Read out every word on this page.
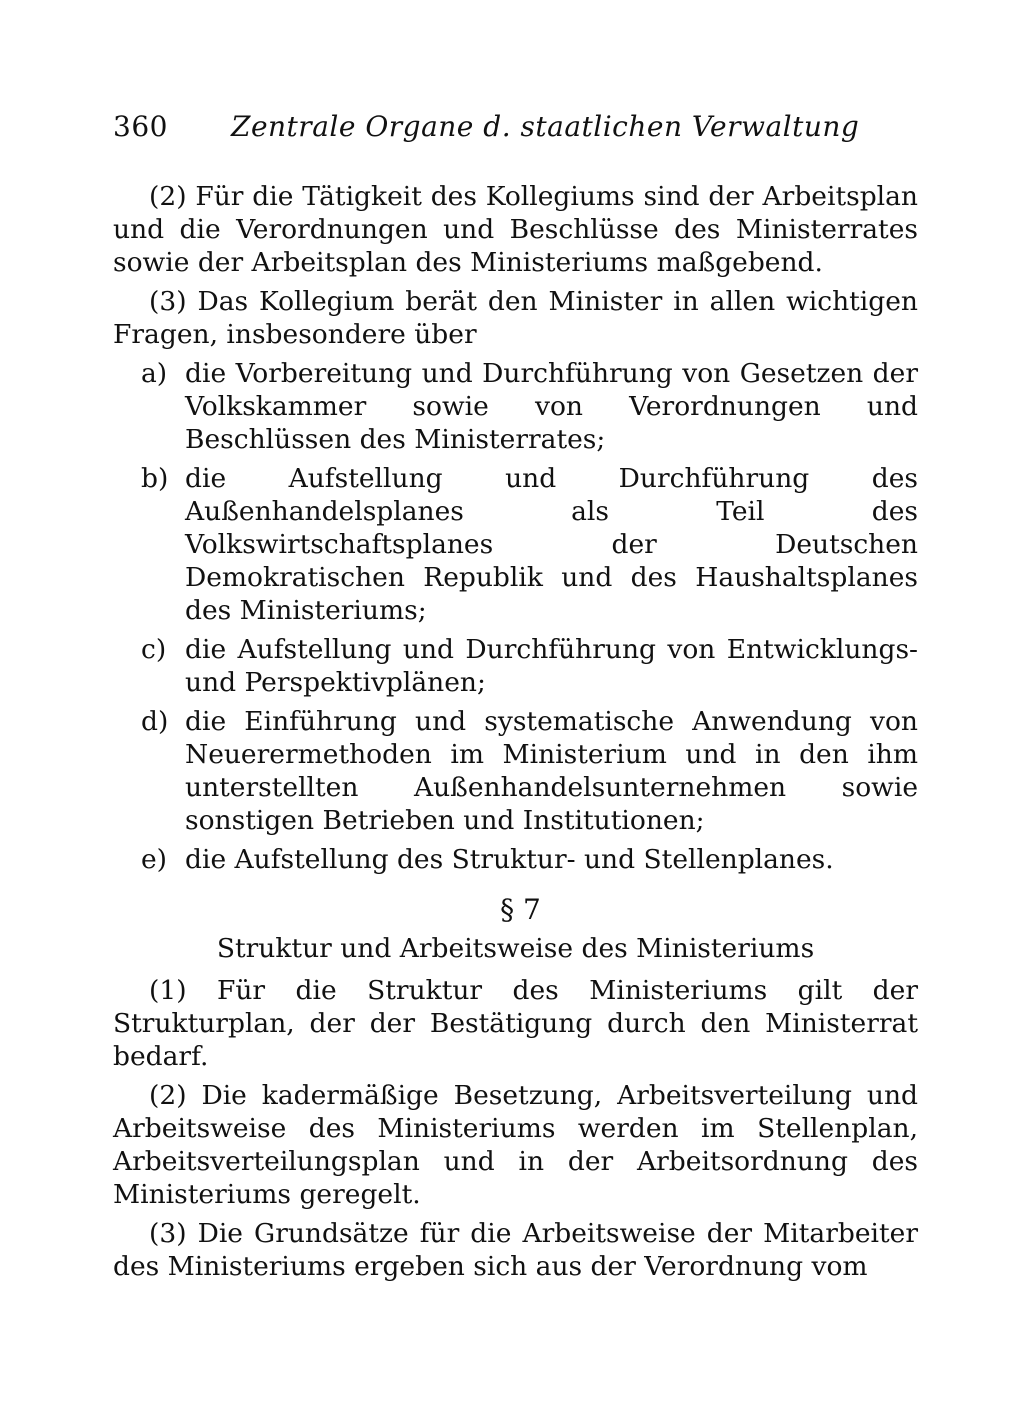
360 Zentrale Organe d. staatlichen Verwaltung

(2) Für die Tätigkeit des Kollegiums sind der Arbeitsplan und die Verordnungen und Beschlüsse des Ministerrates sowie der Arbeitsplan des Ministeriums maßgebend.

(3) Das Kollegium berät den Minister in allen wichtigen Fragen, insbesondere über

a) die Vorbereitung und Durchführung von Gesetzen der Volkskammer sowie von Verordnungen und Beschlüssen des Ministerrates;
b) die Aufstellung und Durchführung des Außenhandelsplanes als Teil des Volkswirtschaftsplanes der Deutschen Demokratischen Republik und des Haushaltsplanes des Ministeriums;
c) die Aufstellung und Durchführung von Entwicklungs- und Perspektivplänen;
d) die Einführung und systematische Anwendung von Neuerermethoden im Ministerium und in den ihm unterstellten Außenhandelsunternehmen sowie sonstigen Betrieben und Institutionen;
e) die Aufstellung des Struktur- und Stellenplanes.
§ 7
Struktur und Arbeitsweise des Ministeriums

(1) Für die Struktur des Ministeriums gilt der Strukturplan, der der Bestätigung durch den Ministerrat bedarf.

(2) Die kadermäßige Besetzung, Arbeitsverteilung und Arbeitsweise des Ministeriums werden im Stellenplan, Arbeitsverteilungsplan und in der Arbeitsordnung des Ministeriums geregelt.

(3) Die Grundsätze für die Arbeitsweise der Mitarbeiter des Ministeriums ergeben sich aus der Verordnung vom
